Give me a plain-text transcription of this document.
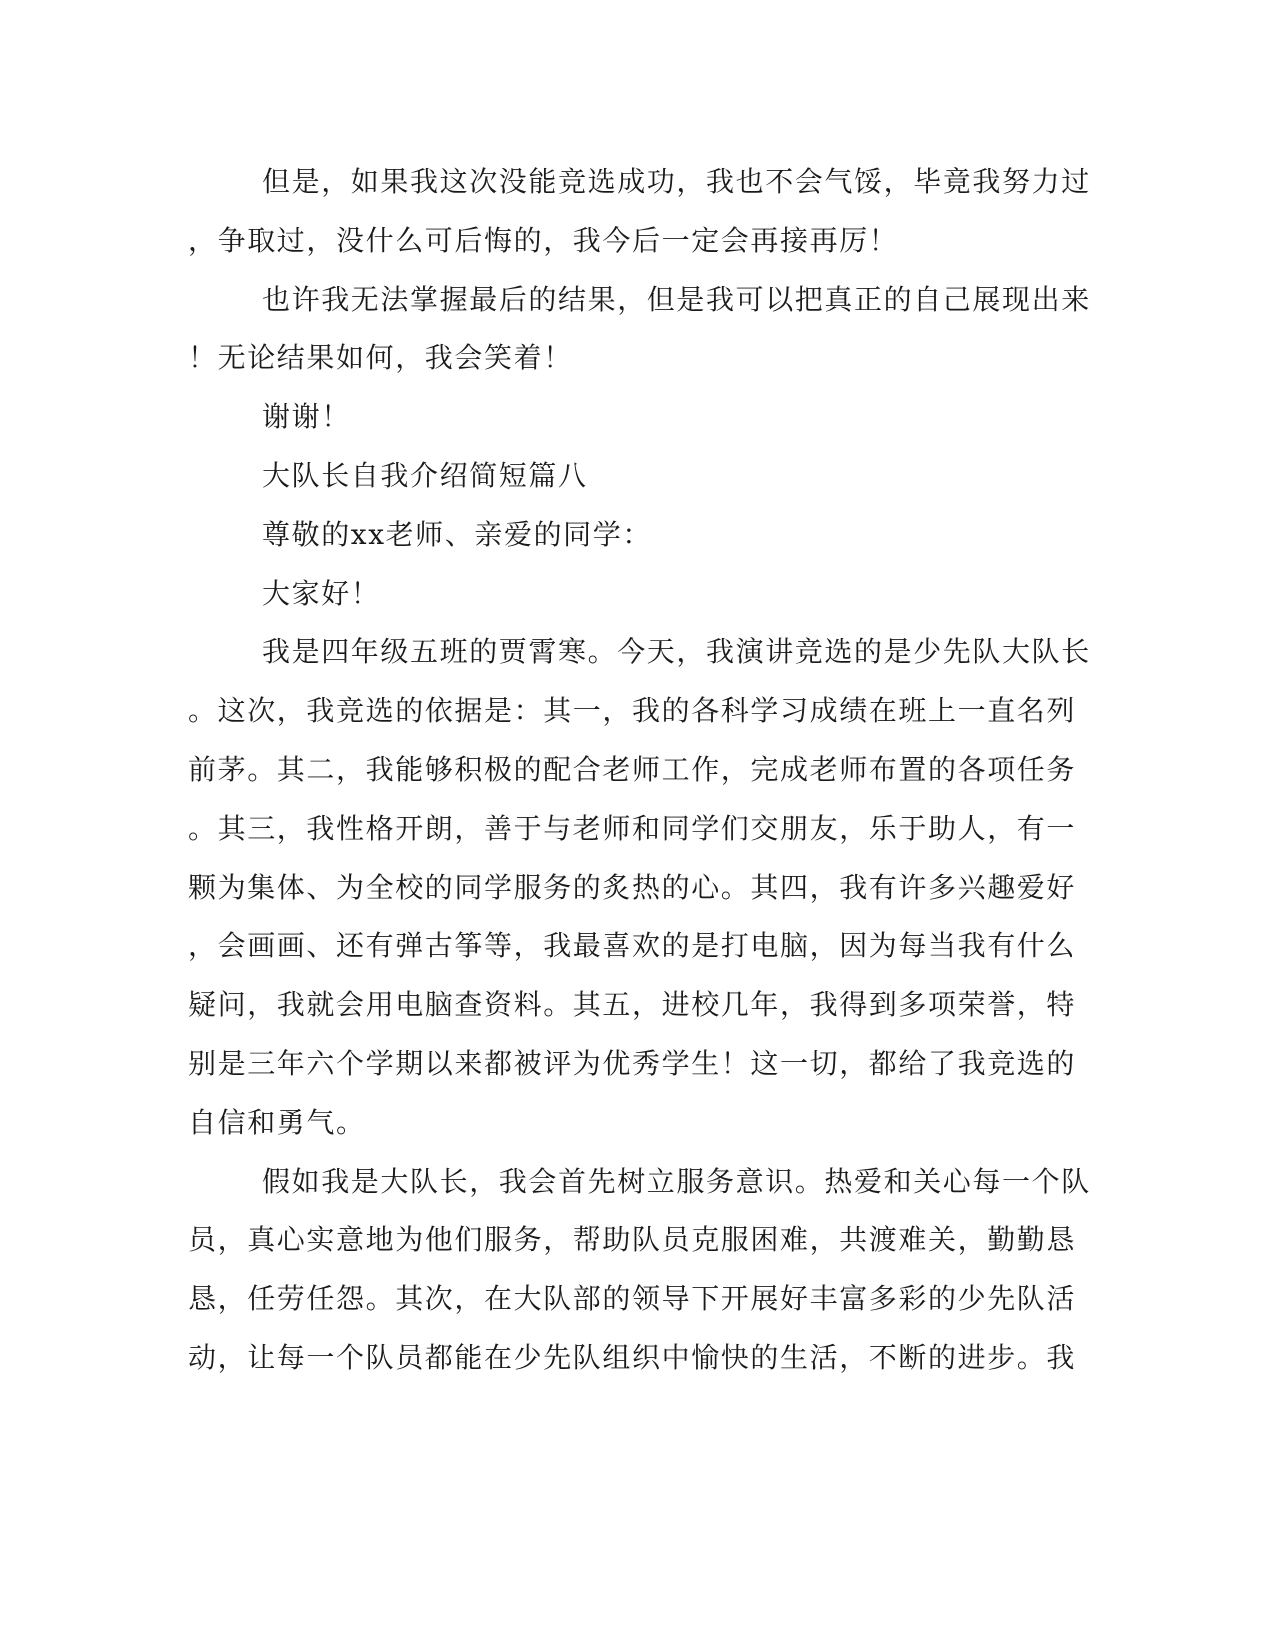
但是，如果我这次没能竞选成功，我也不会气馁，毕竟我努力过

，争取过，没什么可后悔的，我今后一定会再接再厉！

也许我无法掌握最后的结果，但是我可以把真正的自己展现出来

！无论结果如何，我会笑着！

谢谢！

大队长自我介绍简短篇八

尊敬的xx老师、亲爱的同学：

大家好！

我是四年级五班的贾霄寒。今天，我演讲竞选的是少先队大队长

。这次，我竞选的依据是：其一，我的各科学习成绩在班上一直名列

前茅。其二，我能够积极的配合老师工作，完成老师布置的各项任务

。其三，我性格开朗，善于与老师和同学们交朋友，乐于助人，有一

颗为集体、为全校的同学服务的炙热的心。其四，我有许多兴趣爱好

，会画画、还有弹古筝等，我最喜欢的是打电脑，因为每当我有什么

疑问，我就会用电脑查资料。其五，进校几年，我得到多项荣誉，特

别是三年六个学期以来都被评为优秀学生！这一切，都给了我竞选的

自信和勇气。

假如我是大队长，我会首先树立服务意识。热爱和关心每一个队

员，真心实意地为他们服务，帮助队员克服困难，共渡难关，勤勤恳

恳，任劳任怨。其次，在大队部的领导下开展好丰富多彩的少先队活

动，让每一个队员都能在少先队组织中愉快的生活，不断的进步。我
